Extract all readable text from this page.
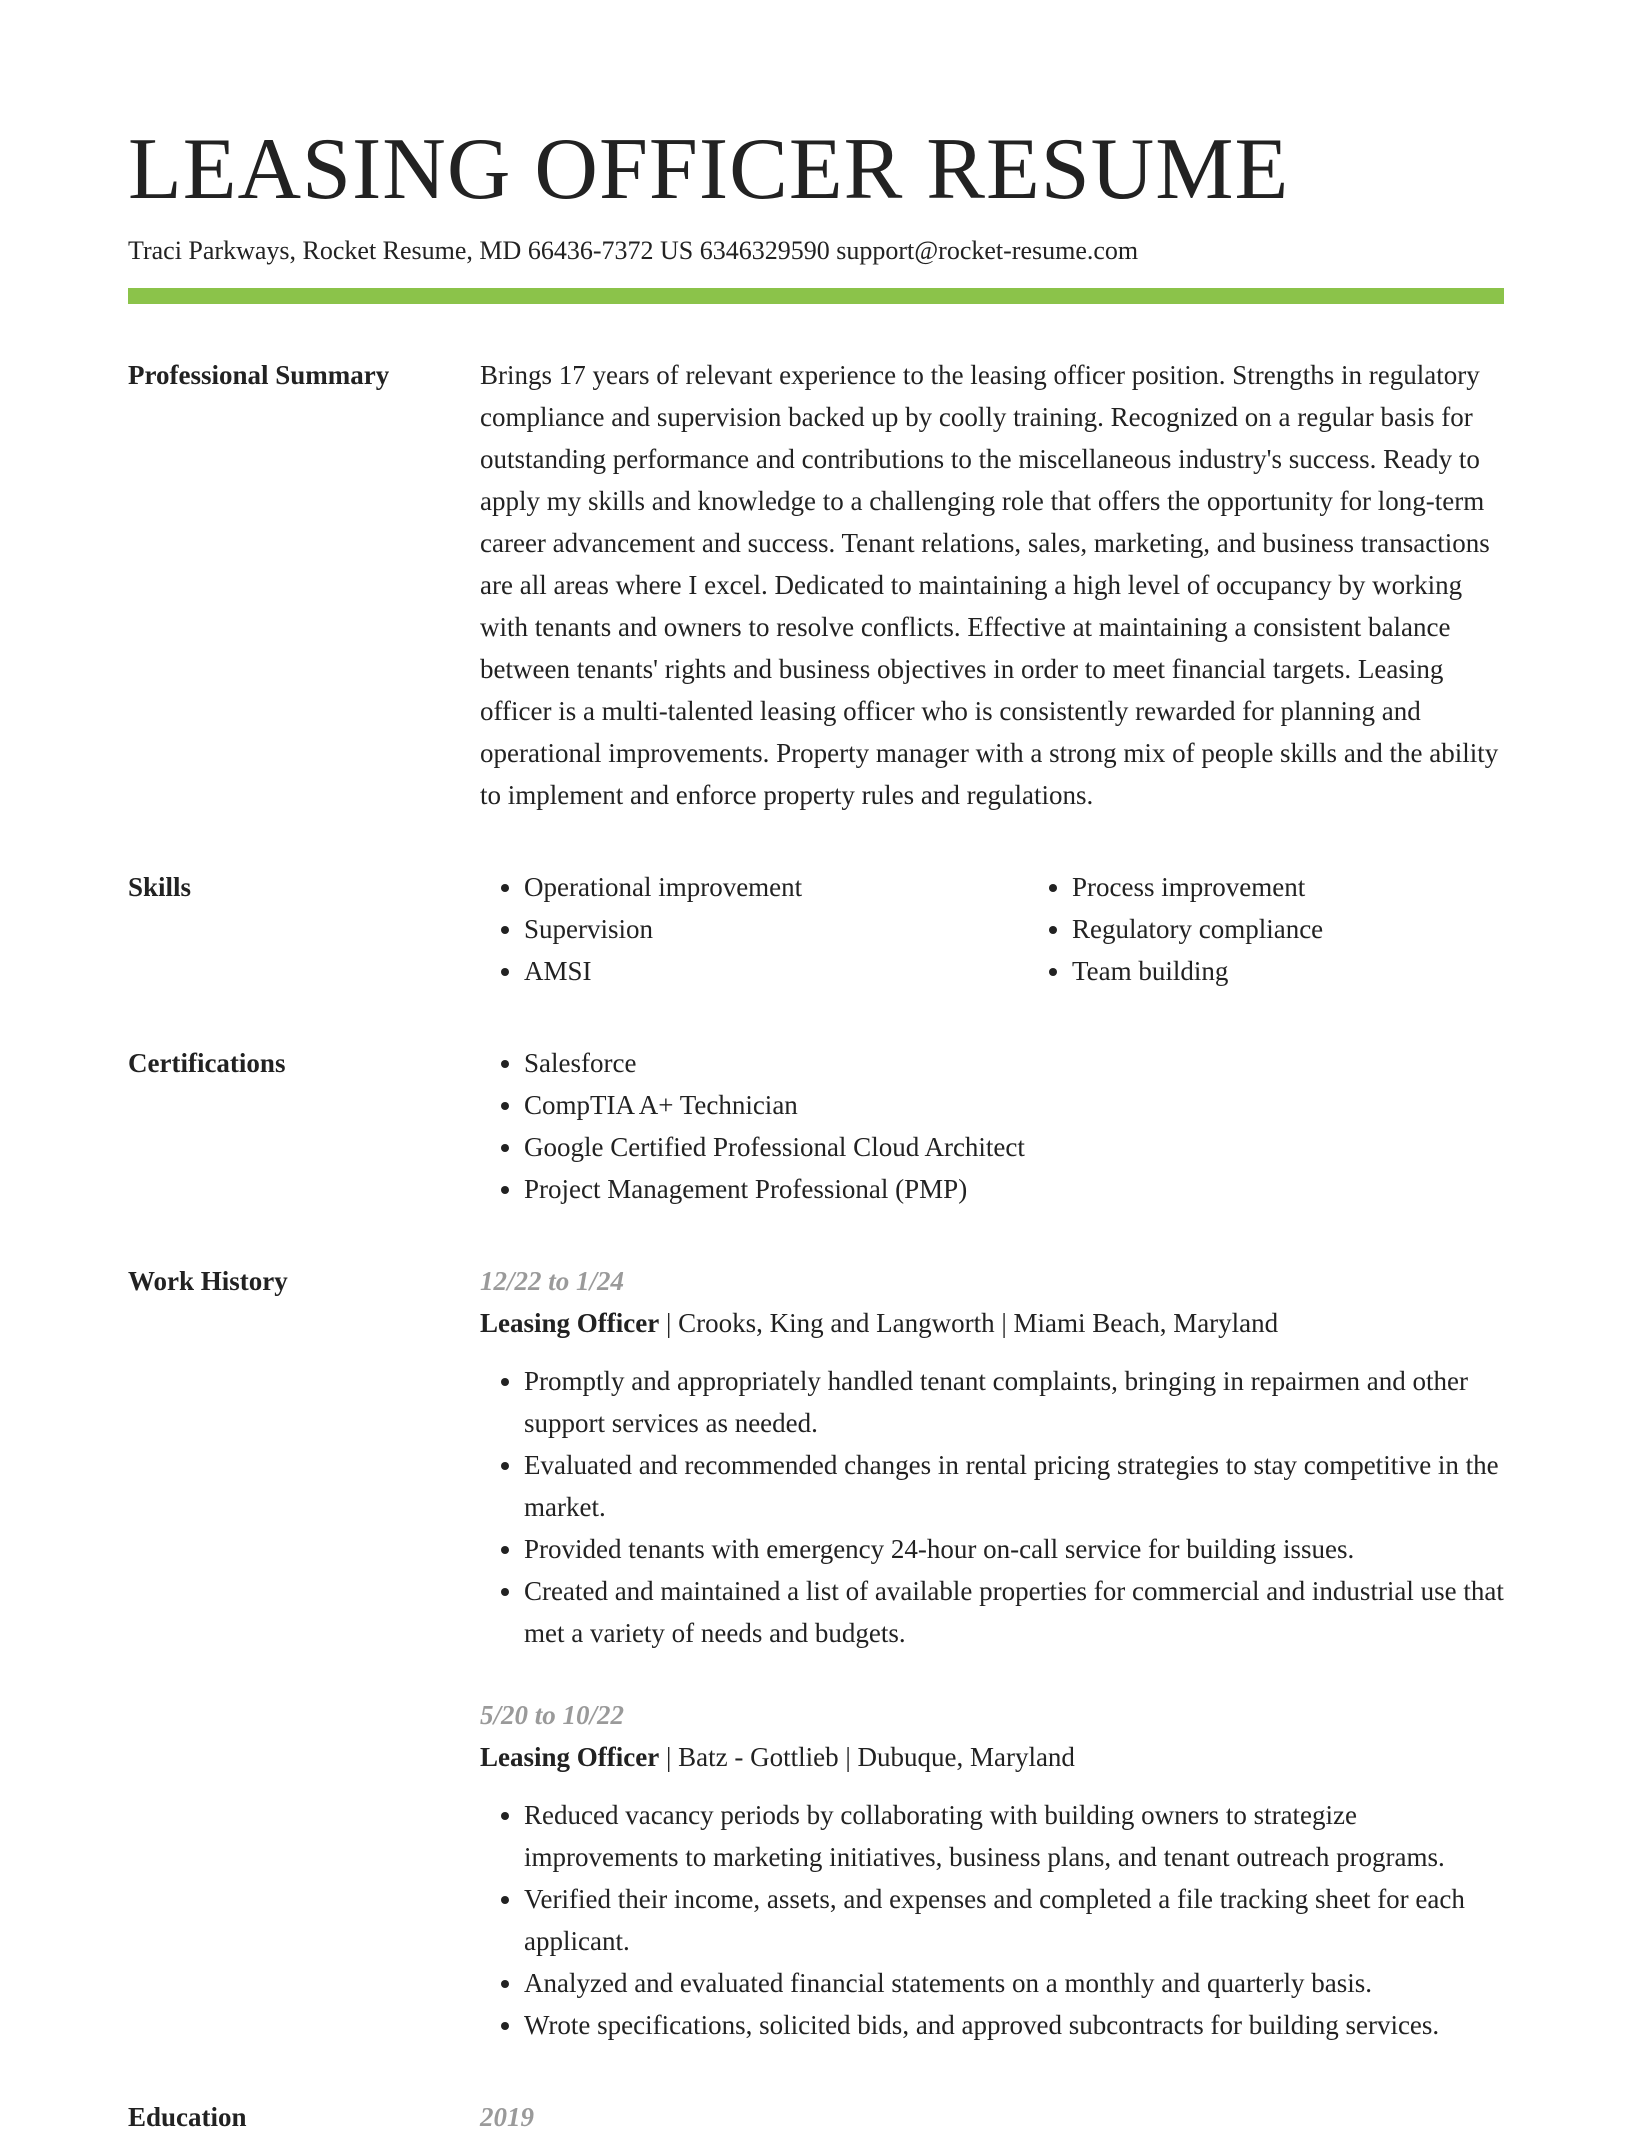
LEASING OFFICER RESUME
Traci Parkways, Rocket Resume, MD 66436-7372 US 6346329590 support@rocket-resume.com
Professional Summary	Brings 17 years of relevant experience to the leasing officer position. Strengths in regulatory compliance and supervision backed up by coolly training. Recognized on a regular basis for outstanding performance and contributions to the miscellaneous industry's success. Ready to apply my skills and knowledge to a challenging role that offers the opportunity for long-term career advancement and success. Tenant relations, sales, marketing, and business transactions are all areas where I excel. Dedicated to maintaining a high level of occupancy by working with tenants and owners to resolve conflicts. Effective at maintaining a consistent balance between tenants' rights and business objectives in order to meet financial targets. Leasing officer is a multi-talented leasing officer who is consistently rewarded for planning and operational improvements. Property manager with a strong mix of people skills and the ability to implement and enforce property rules and regulations.

Skills	• Operational improvement
• Supervision
• AMSI
• Process improvement
• Regulatory compliance
• Team building
Certifications	• Salesforce
• CompTIA A+ Technician
• Google Certified Professional Cloud Architect
• Project Management Professional (PMP)
Work History	12/22 to 1/24
Leasing Officer | Crooks, King and Langworth | Miami Beach, Maryland
• Promptly and appropriately handled tenant complaints, bringing in repairmen and other support services as needed.
• Evaluated and recommended changes in rental pricing strategies to stay competitive in the market.
• Provided tenants with emergency 24-hour on-call service for building issues.
• Created and maintained a list of available properties for commercial and industrial use that met a variety of needs and budgets.
5/20 to 10/22
Leasing Officer | Batz - Gottlieb | Dubuque, Maryland
• Reduced vacancy periods by collaborating with building owners to strategize improvements to marketing initiatives, business plans, and tenant outreach programs.
• Verified their income, assets, and expenses and completed a file tracking sheet for each applicant.
• Analyzed and evaluated financial statements on a monthly and quarterly basis.
• Wrote specifications, solicited bids, and approved subcontracts for building services.
Education	2019
